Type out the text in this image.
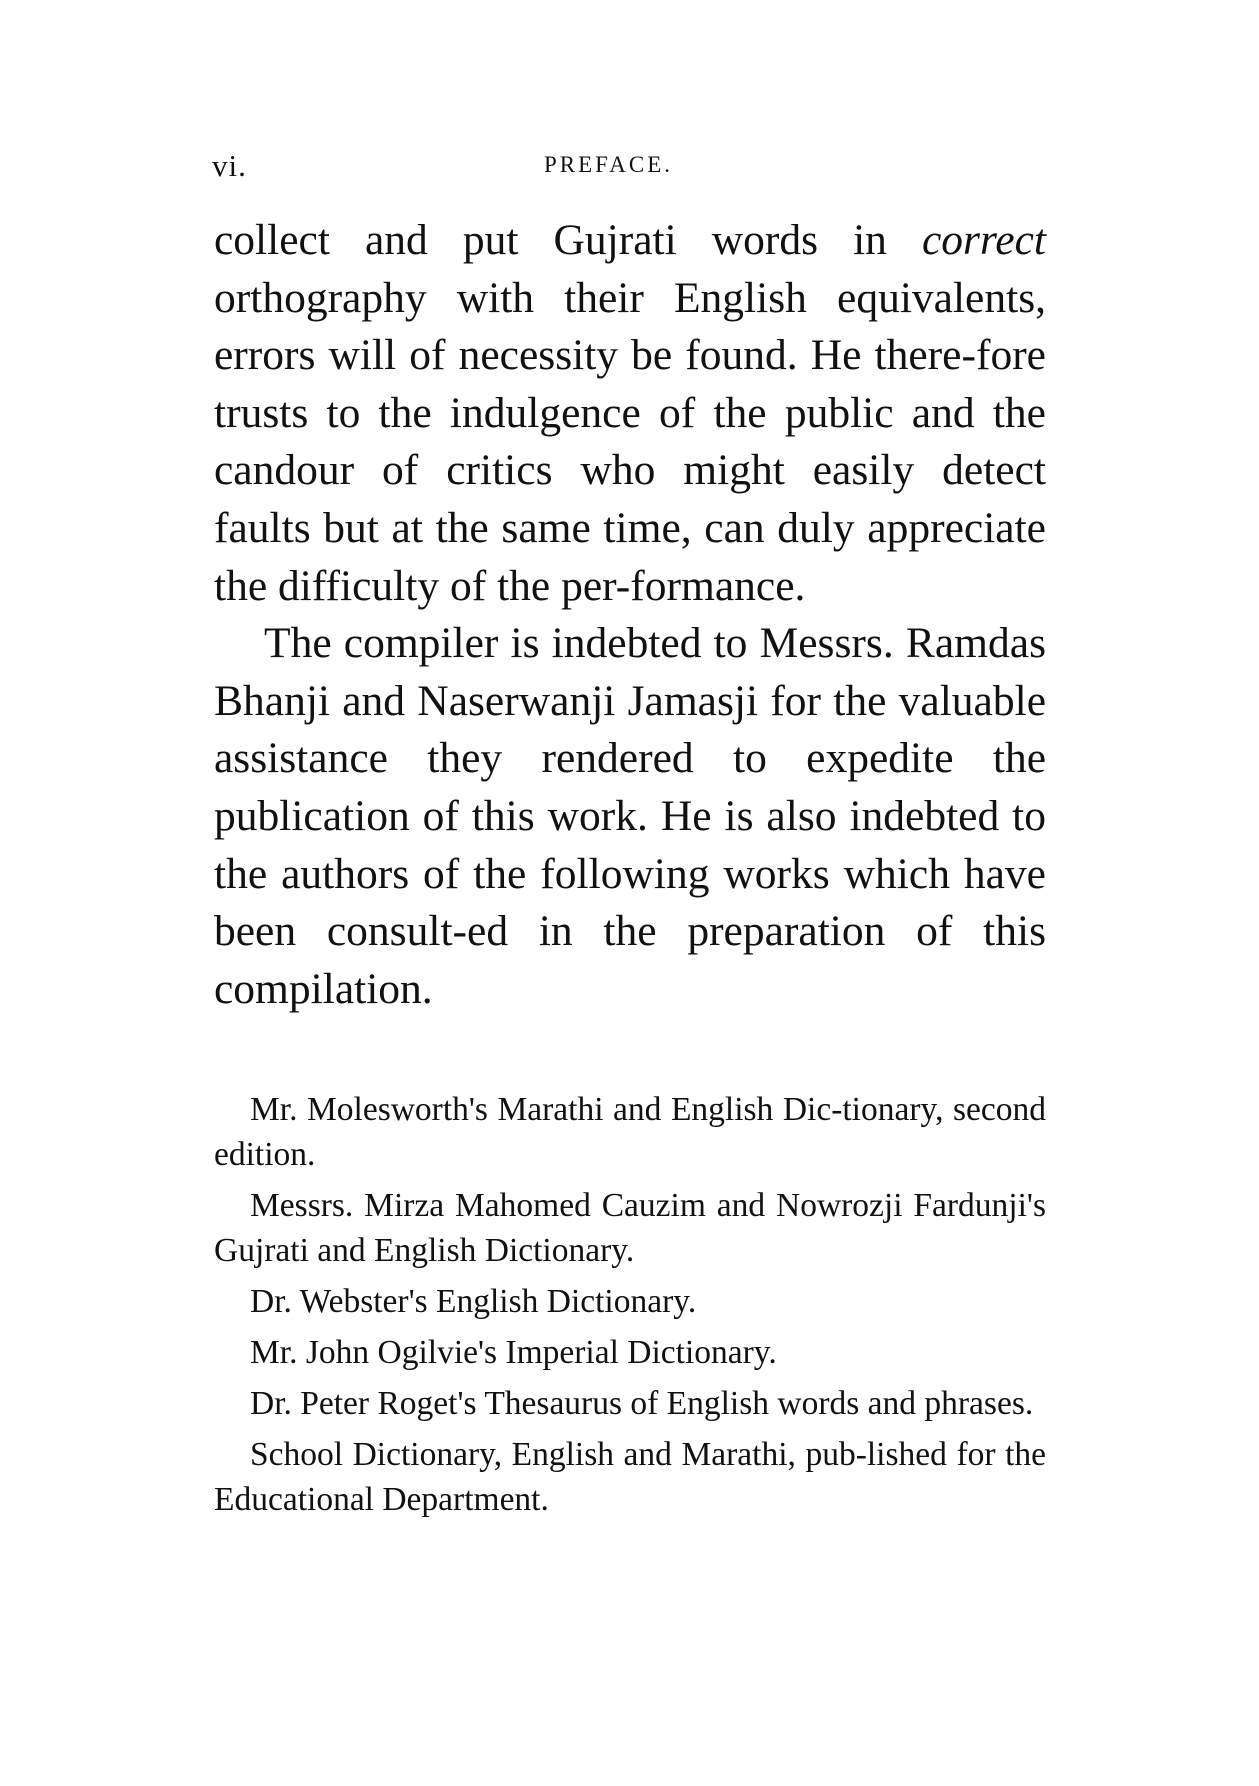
vi.	PREFACE.

collect and put Gujrati words in correct orthography with their English equivalents, errors will of necessity be found. He there-fore trusts to the indulgence of the public and the candour of critics who might easily detect faults but at the same time, can duly appreciate the difficulty of the per-formance.

The compiler is indebted to Messrs. Ramdas Bhanji and Naserwanji Jamasji for the valuable assistance they rendered to expedite the publication of this work. He is also indebted to the authors of the following works which have been consult-ed in the preparation of this compilation.

Mr. Molesworth's Marathi and English Dic-tionary, second edition.

Messrs. Mirza Mahomed Cauzim and Nowrozji Fardunji's Gujrati and English Dictionary.

Dr. Webster's English Dictionary.

Mr. John Ogilvie's Imperial Dictionary.

Dr. Peter Roget's Thesaurus of English words and phrases.

School Dictionary, English and Marathi, pub-lished for the Educational Department.
